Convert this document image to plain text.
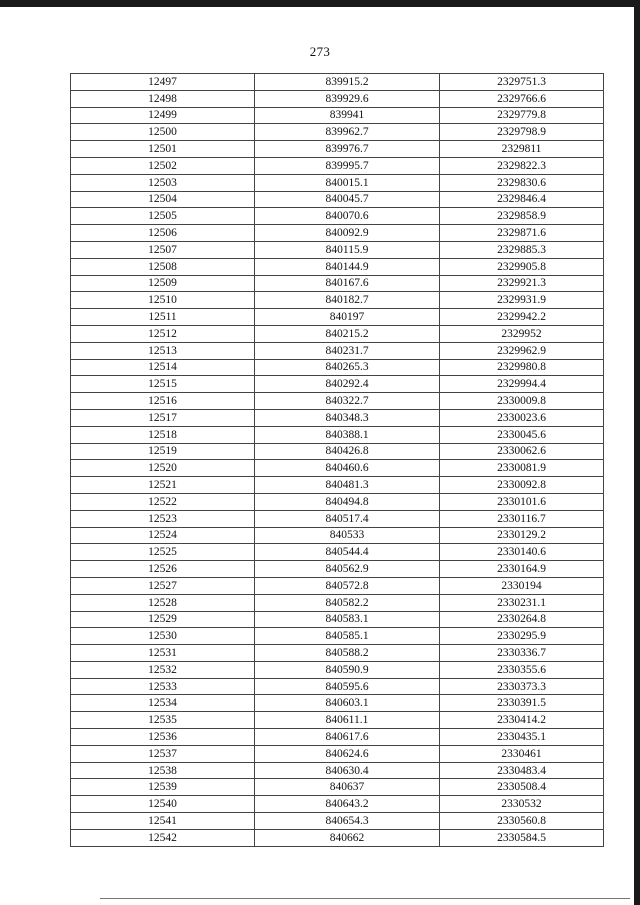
273
12497	839915.2	2329751.3
12498	839929.6	2329766.6
12499	839941	2329779.8
12500	839962.7	2329798.9
12501	839976.7	2329811
12502	839995.7	2329822.3
12503	840015.1	2329830.6
12504	840045.7	2329846.4
12505	840070.6	2329858.9
12506	840092.9	2329871.6
12507	840115.9	2329885.3
12508	840144.9	2329905.8
12509	840167.6	2329921.3
12510	840182.7	2329931.9
12511	840197	2329942.2
12512	840215.2	2329952
12513	840231.7	2329962.9
12514	840265.3	2329980.8
12515	840292.4	2329994.4
12516	840322.7	2330009.8
12517	840348.3	2330023.6
12518	840388.1	2330045.6
12519	840426.8	2330062.6
12520	840460.6	2330081.9
12521	840481.3	2330092.8
12522	840494.8	2330101.6
12523	840517.4	2330116.7
12524	840533	2330129.2
12525	840544.4	2330140.6
12526	840562.9	2330164.9
12527	840572.8	2330194
12528	840582.2	2330231.1
12529	840583.1	2330264.8
12530	840585.1	2330295.9
12531	840588.2	2330336.7
12532	840590.9	2330355.6
12533	840595.6	2330373.3
12534	840603.1	2330391.5
12535	840611.1	2330414.2
12536	840617.6	2330435.1
12537	840624.6	2330461
12538	840630.4	2330483.4
12539	840637	2330508.4
12540	840643.2	2330532
12541	840654.3	2330560.8
12542	840662	2330584.5
